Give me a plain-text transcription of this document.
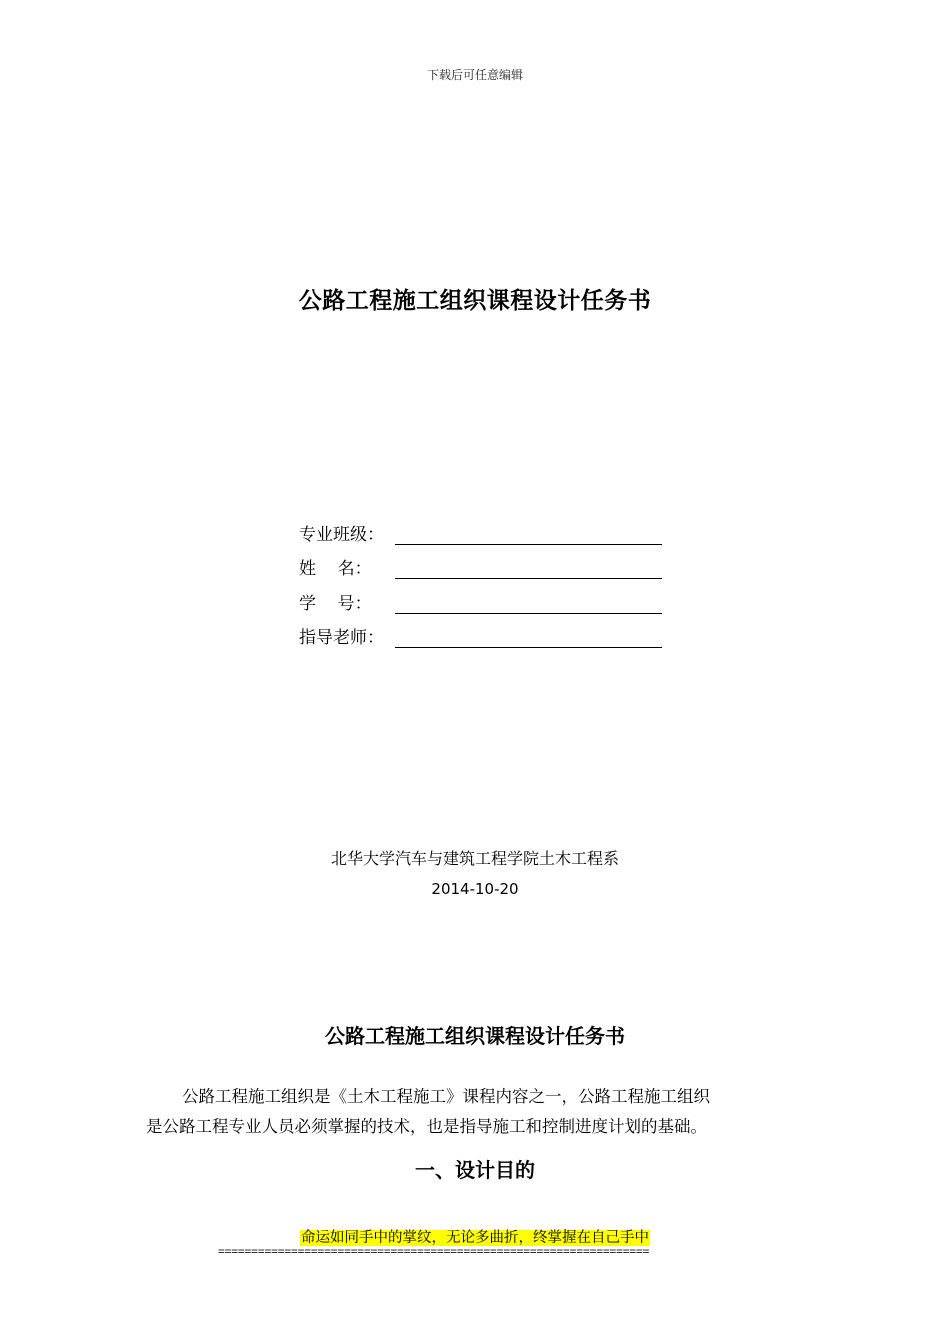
下载后可任意编辑
公路工程施工组织课程设计任务书
专业班级：
姓    名：
学    号：
指导老师：
北华大学汽车与建筑工程学院土木工程系
2014-10-20
公路工程施工组织课程设计任务书
公路工程施工组织是《土木工程施工》课程内容之一，公路工程施工组织
是公路工程专业人员必须掌握的技术，也是指导施工和控制进度计划的基础。
一、设计目的
命运如同手中的掌纹，无论多曲折，终掌握在自己手中
=================================================================
